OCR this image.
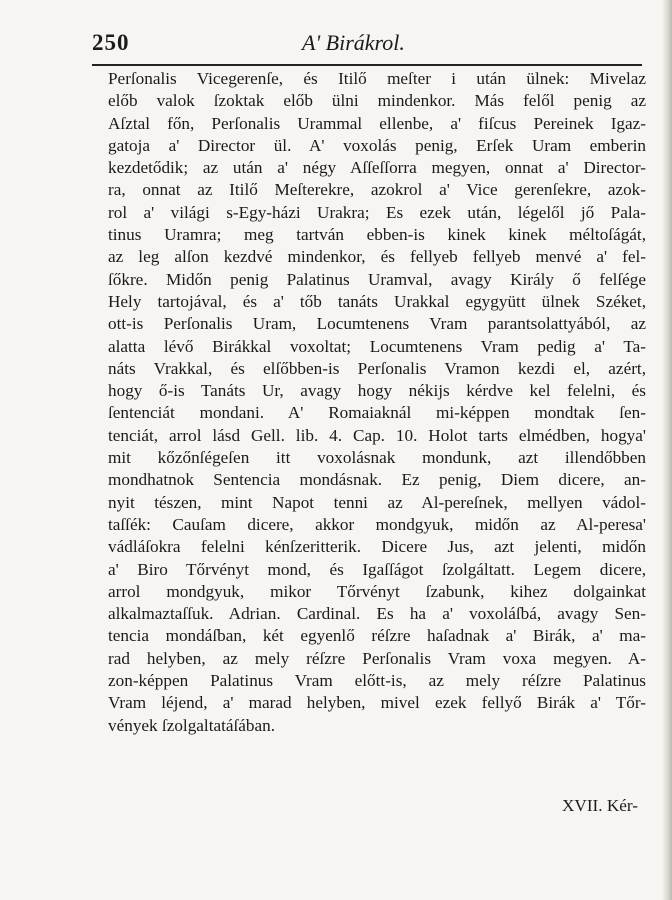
250	A' Birákrol.
Perſonalis Vicegerenſe, és Itilő meſter i után ülnek: Mivelaz
előb valok ſzoktak előb ülni mindenkor. Más felől penig az
Aſztal főn, Perſonalis Urammal ellenbe, a' fiſcus Pereinek Igaz-
gatoja a' Director ül. A' voxolás penig, Erſek Uram emberin
kezdetődik; az után a' négy Aſſeſſorra megyen, onnat a' Director-
ra, onnat az Itilő Meſterekre, azokrol a' Vice gerenſekre, azok-
rol a' világi s-Egy-házi Urakra; Es ezek után, légelől jő Pala-
tinus Uramra; meg tartván ebben-is kinek kinek méltoſágát,
az leg alſon kezdvé mindenkor, és fellyeb fellyeb menvé a' fel-
ſőkre. Midőn penig Palatinus Uramval, avagy Király ő felſége
Hely tartojával, és a' tőb tanáts Urakkal egygyütt ülnek Széket,
ott-is Perſonalis Uram, Locumtenens Vram parantsolattyából, az
alatta lévő Birákkal voxoltat; Locumtenens Vram pedig a' Ta-
náts Vrakkal, és elſőbben-is Perſonalis Vramon kezdi el, azért,
hogy ő-is Tanáts Ur, avagy hogy nékijs kérdve kel felelni, és
ſentenciát mondani. A' Romaiaknál mi-képpen mondtak ſen-
tenciát, arrol lásd Gell. lib. 4. Cap. 10. Holot tarts elmédben, hogya'
mit kőzőnſégeſen itt voxolásnak mondunk, azt illendőbben
mondhatnok Sentencia mondásnak. Ez penig, Diem dicere, an-
nyit tészen, mint Napot tenni az Al-pereſnek, mellyen vádol-
taſſék: Cauſam dicere, akkor mondgyuk, midőn az Al-peresa'
vádláſokra felelni kénſzeritterik. Dicere Jus, azt jelenti, midőn
a' Biro Tőrvényt mond, és Igaſſágot ſzolgáltatt. Legem dicere,
arrol mondgyuk, mikor Tőrvényt ſzabunk, kihez dolgainkat
alkalmaztaſſuk. Adrian. Cardinal. Es ha a' voxoláſbá, avagy Sen-
tencia mondáſban, két egyenlő réſzre haſadnak a' Birák, a' ma-
rad helyben, az mely réſzre Perſonalis Vram voxa megyen. A-
zon-képpen Palatinus Vram előtt-is, az mely réſzre Palatinus
Vram léjend, a' marad helyben, mivel ezek fellyő Birák a' Tőr-
vények ſzolgaltatáſában.
XVII. Kér-
